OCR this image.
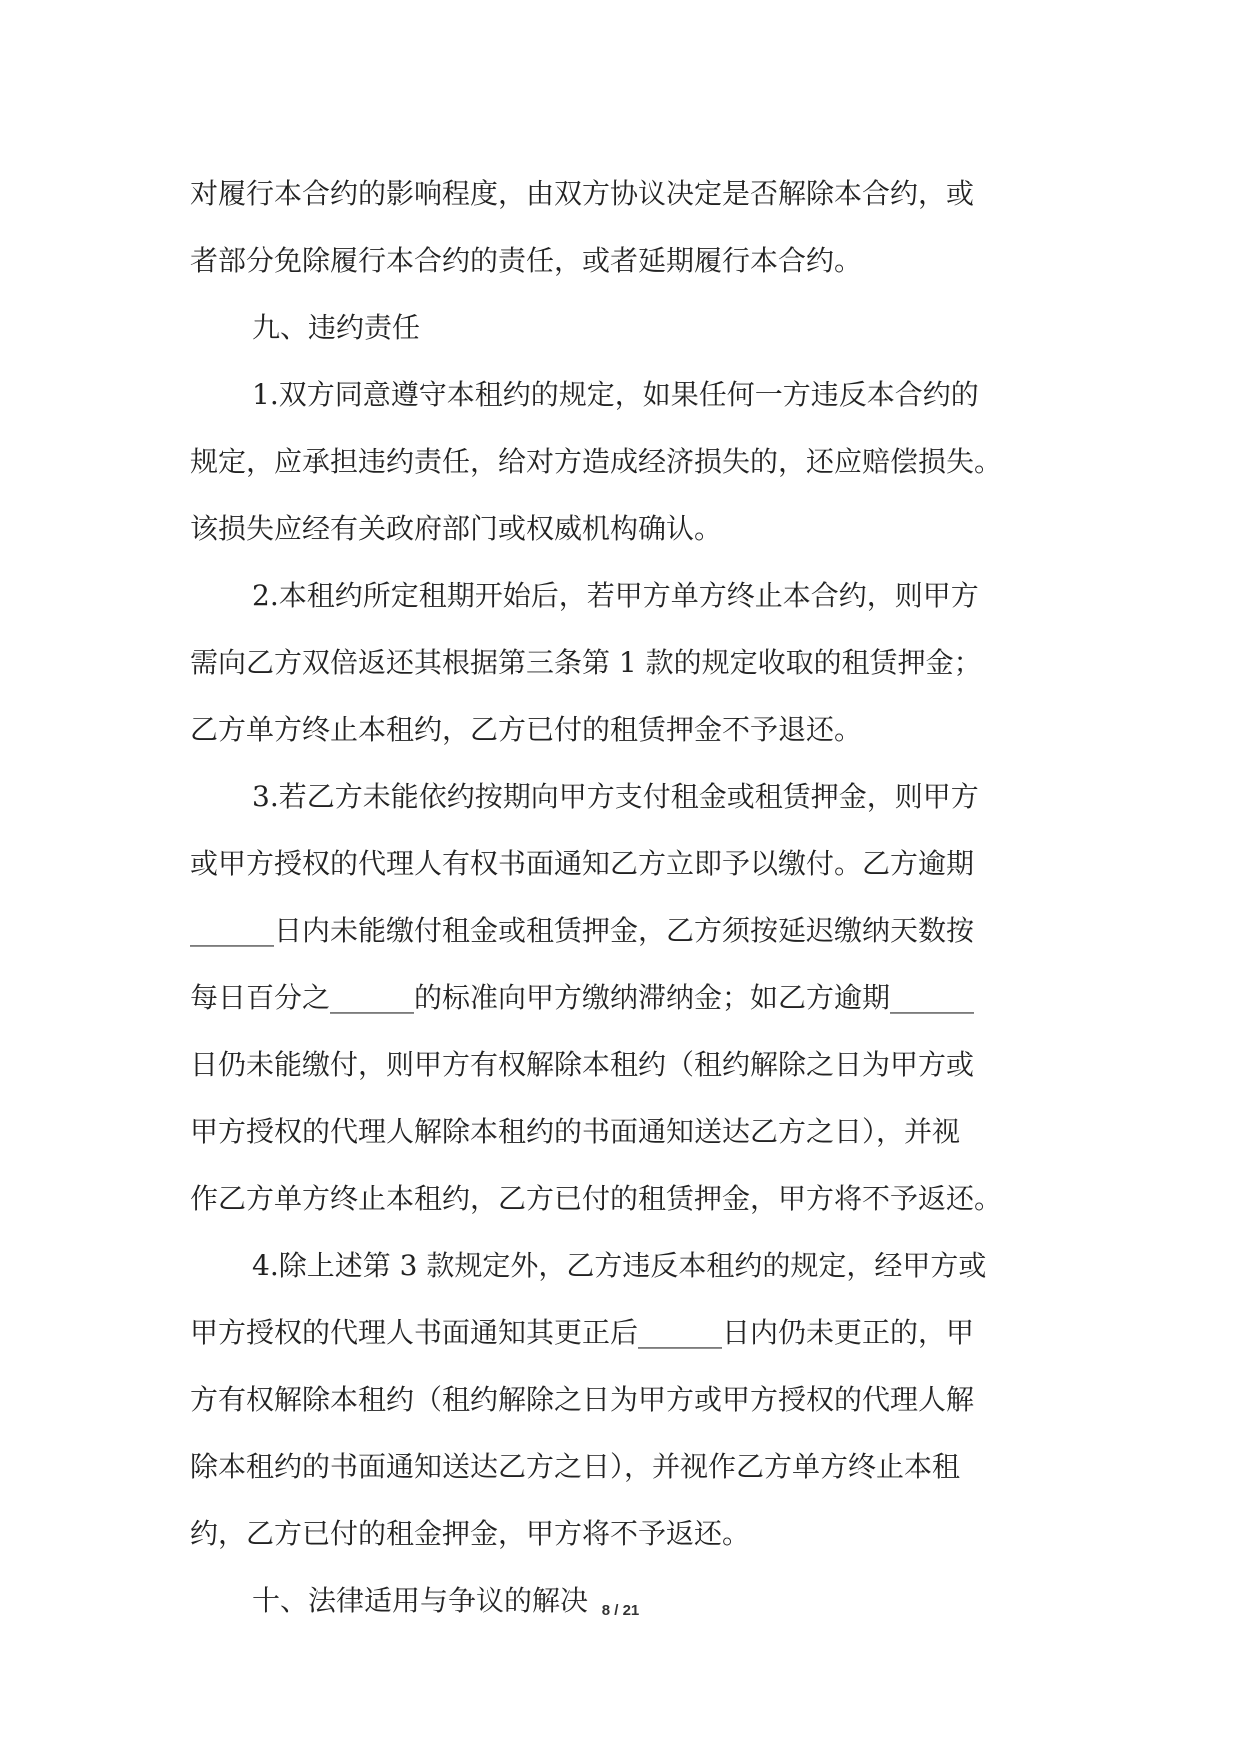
对履行本合约的影响程度，由双方协议决定是否解除本合约，或
者部分免除履行本合约的责任，或者延期履行本合约。
九、违约责任
1.双方同意遵守本租约的规定，如果任何一方违反本合约的
规定，应承担违约责任，给对方造成经济损失的，还应赔偿损失。
该损失应经有关政府部门或权威机构确认。
2.本租约所定租期开始后，若甲方单方终止本合约，则甲方
需向乙方双倍返还其根据第三条第 1 款的规定收取的租赁押金；
乙方单方终止本租约，乙方已付的租赁押金不予退还。
3.若乙方未能依约按期向甲方支付租金或租赁押金，则甲方
或甲方授权的代理人有权书面通知乙方立即予以缴付。乙方逾期
______日内未能缴付租金或租赁押金，乙方须按延迟缴纳天数按
每日百分之______的标准向甲方缴纳滞纳金；如乙方逾期______
日仍未能缴付，则甲方有权解除本租约（租约解除之日为甲方或
甲方授权的代理人解除本租约的书面通知送达乙方之日），并视
作乙方单方终止本租约，乙方已付的租赁押金，甲方将不予返还。
4.除上述第 3 款规定外，乙方违反本租约的规定，经甲方或
甲方授权的代理人书面通知其更正后______日内仍未更正的，甲
方有权解除本租约（租约解除之日为甲方或甲方授权的代理人解
除本租约的书面通知送达乙方之日），并视作乙方单方终止本租
约，乙方已付的租金押金，甲方将不予返还。
十、法律适用与争议的解决 8 / 21
